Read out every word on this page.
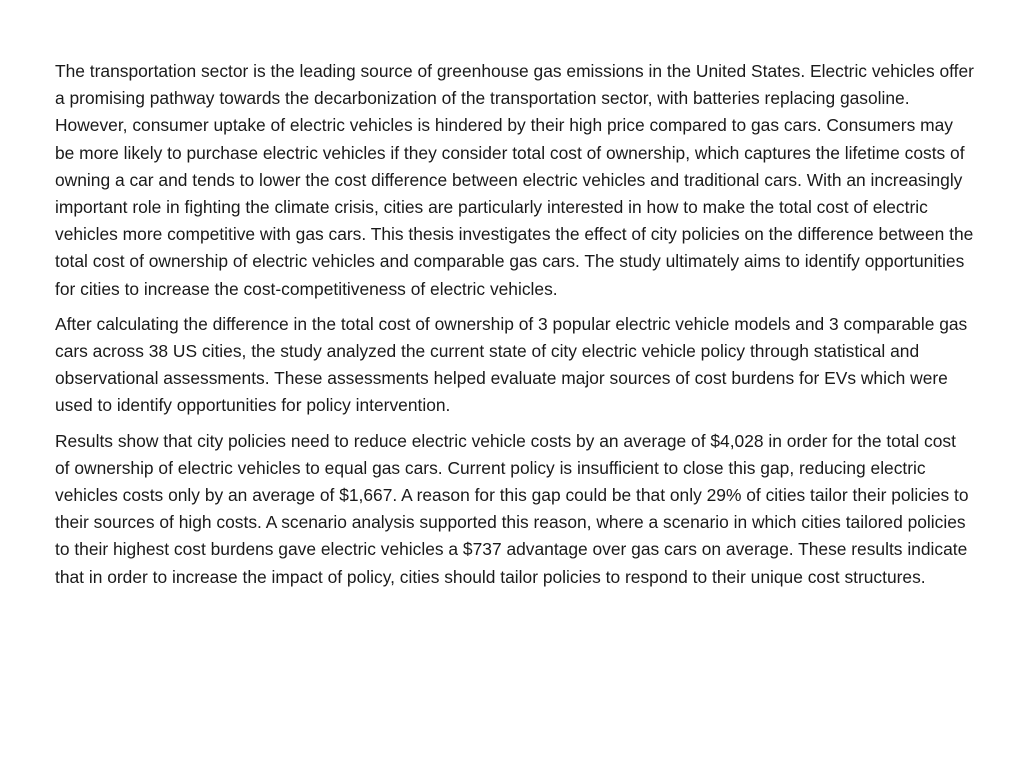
The transportation sector is the leading source of greenhouse gas emissions in the United States. Electric vehicles offer a promising pathway towards the decarbonization of the transportation sector, with batteries replacing gasoline. However, consumer uptake of electric vehicles is hindered by their high price compared to gas cars. Consumers may be more likely to purchase electric vehicles if they consider total cost of ownership, which captures the lifetime costs of owning a car and tends to lower the cost difference between electric vehicles and traditional cars. With an increasingly important role in fighting the climate crisis, cities are particularly interested in how to make the total cost of electric vehicles more competitive with gas cars. This thesis investigates the effect of city policies on the difference between the total cost of ownership of electric vehicles and comparable gas cars. The study ultimately aims to identify opportunities for cities to increase the cost-competitiveness of electric vehicles.

After calculating the difference in the total cost of ownership of 3 popular electric vehicle models and 3 comparable gas cars across 38 US cities, the study analyzed the current state of city electric vehicle policy through statistical and observational assessments. These assessments helped evaluate major sources of cost burdens for EVs which were used to identify opportunities for policy intervention.

Results show that city policies need to reduce electric vehicle costs by an average of $4,028 in order for the total cost of ownership of electric vehicles to equal gas cars. Current policy is insufficient to close this gap, reducing electric vehicles costs only by an average of $1,667. A reason for this gap could be that only 29% of cities tailor their policies to their sources of high costs. A scenario analysis supported this reason, where a scenario in which cities tailored policies to their highest cost burdens gave electric vehicles a $737 advantage over gas cars on average. These results indicate that in order to increase the impact of policy, cities should tailor policies to respond to their unique cost structures.
